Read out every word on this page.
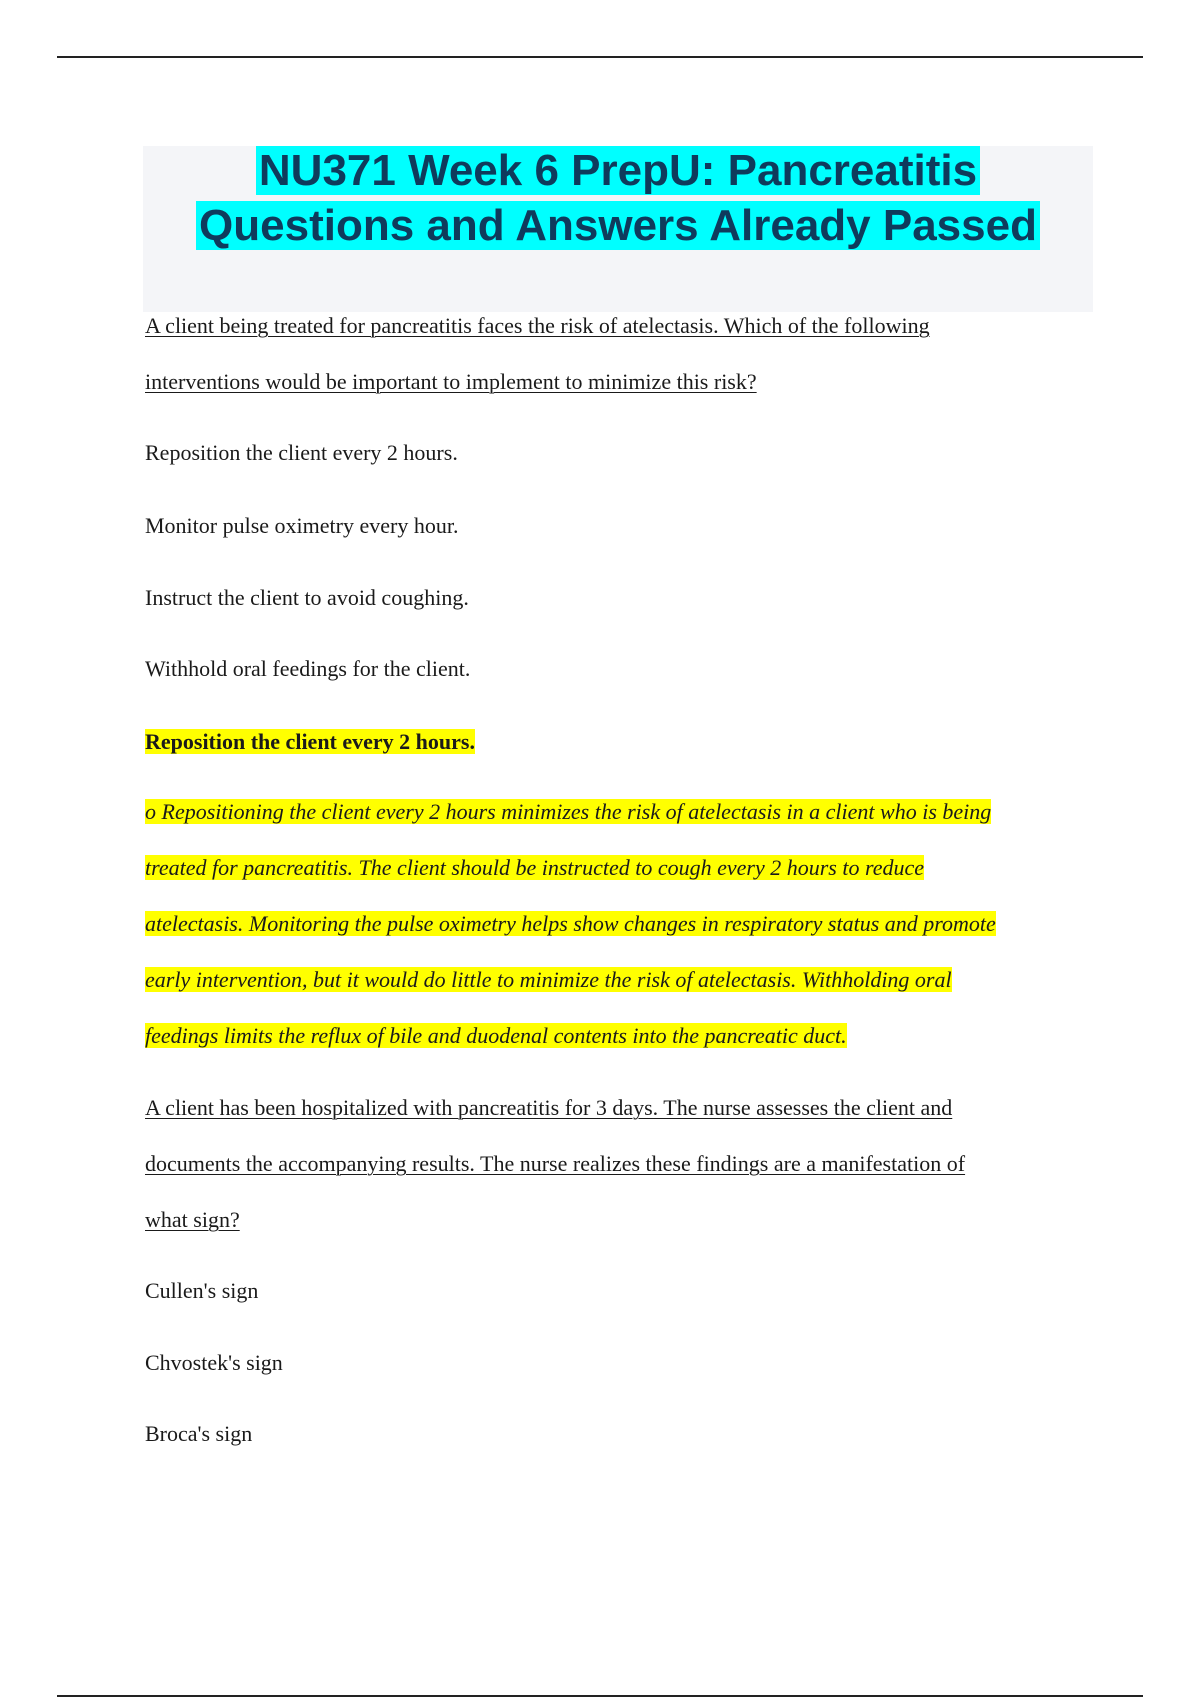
NU371 Week 6 PrepU: Pancreatitis
Questions and Answers Already Passed

A client being treated for pancreatitis faces the risk of atelectasis. Which of the following
interventions would be important to implement to minimize this risk?

Reposition the client every 2 hours.

Monitor pulse oximetry every hour.

Instruct the client to avoid coughing.

Withhold oral feedings for the client.

Reposition the client every 2 hours.

o Repositioning the client every 2 hours minimizes the risk of atelectasis in a client who is being
treated for pancreatitis. The client should be instructed to cough every 2 hours to reduce
atelectasis. Monitoring the pulse oximetry helps show changes in respiratory status and promote
early intervention, but it would do little to minimize the risk of atelectasis. Withholding oral
feedings limits the reflux of bile and duodenal contents into the pancreatic duct.

A client has been hospitalized with pancreatitis for 3 days. The nurse assesses the client and
documents the accompanying results. The nurse realizes these findings are a manifestation of
what sign?

Cullen's sign

Chvostek's sign

Broca's sign
